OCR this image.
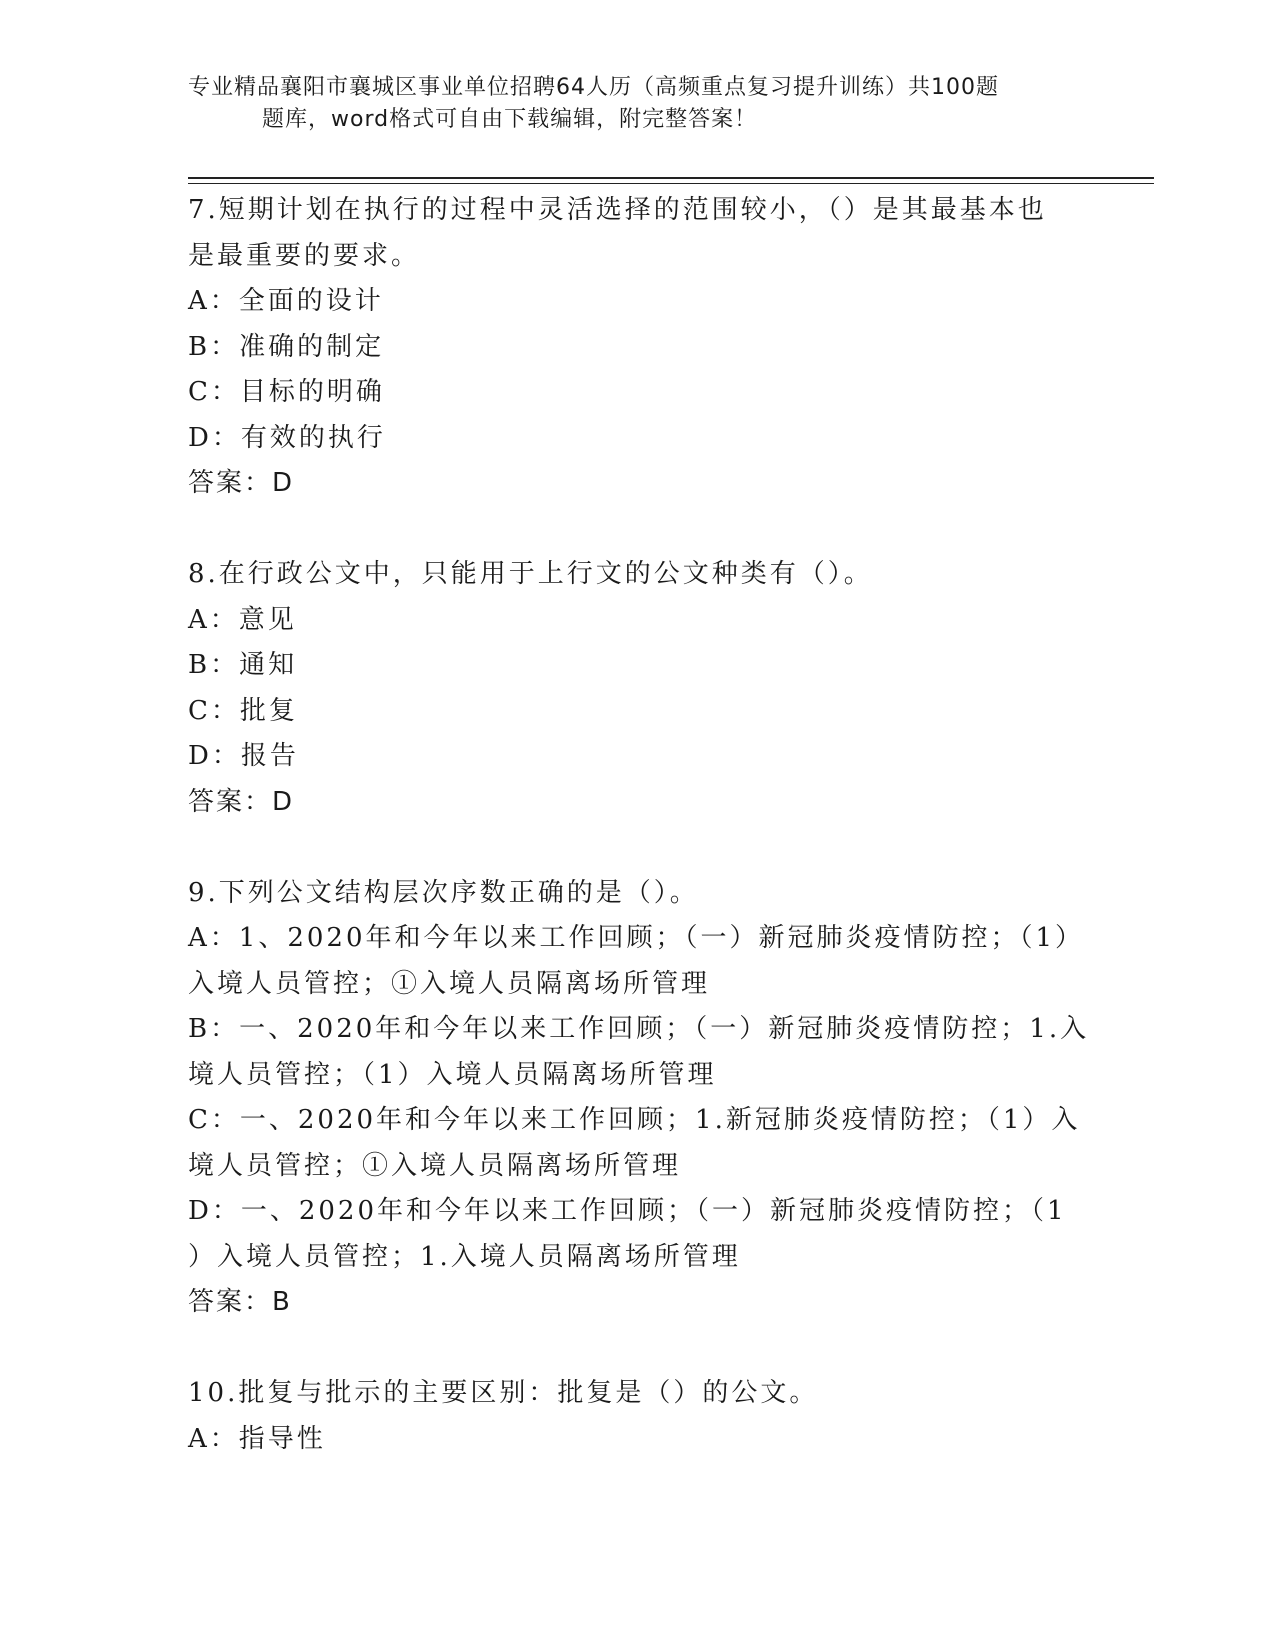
专业精品襄阳市襄城区事业单位招聘64人历（高频重点复习提升训练）共100题
题库，word格式可自由下载编辑，附完整答案！
7.短期计划在执行的过程中灵活选择的范围较小，（）是其最基本也
是最重要的要求。
A：全面的设计
B：准确的制定
C：目标的明确
D：有效的执行
答案：D
8.在行政公文中，只能用于上行文的公文种类有（）。
A：意见
B：通知
C：批复
D：报告
答案：D
9.下列公文结构层次序数正确的是（）。
A：1、2020年和今年以来工作回顾；（一）新冠肺炎疫情防控；（1）
入境人员管控；①入境人员隔离场所管理
B：一、2020年和今年以来工作回顾；（一）新冠肺炎疫情防控；1.入
境人员管控；（1）入境人员隔离场所管理
C：一、2020年和今年以来工作回顾；1.新冠肺炎疫情防控；（1）入
境人员管控；①入境人员隔离场所管理
D：一、2020年和今年以来工作回顾；（一）新冠肺炎疫情防控；（1
）入境人员管控；1.入境人员隔离场所管理
答案：B
10.批复与批示的主要区别：批复是（）的公文。
A：指导性
